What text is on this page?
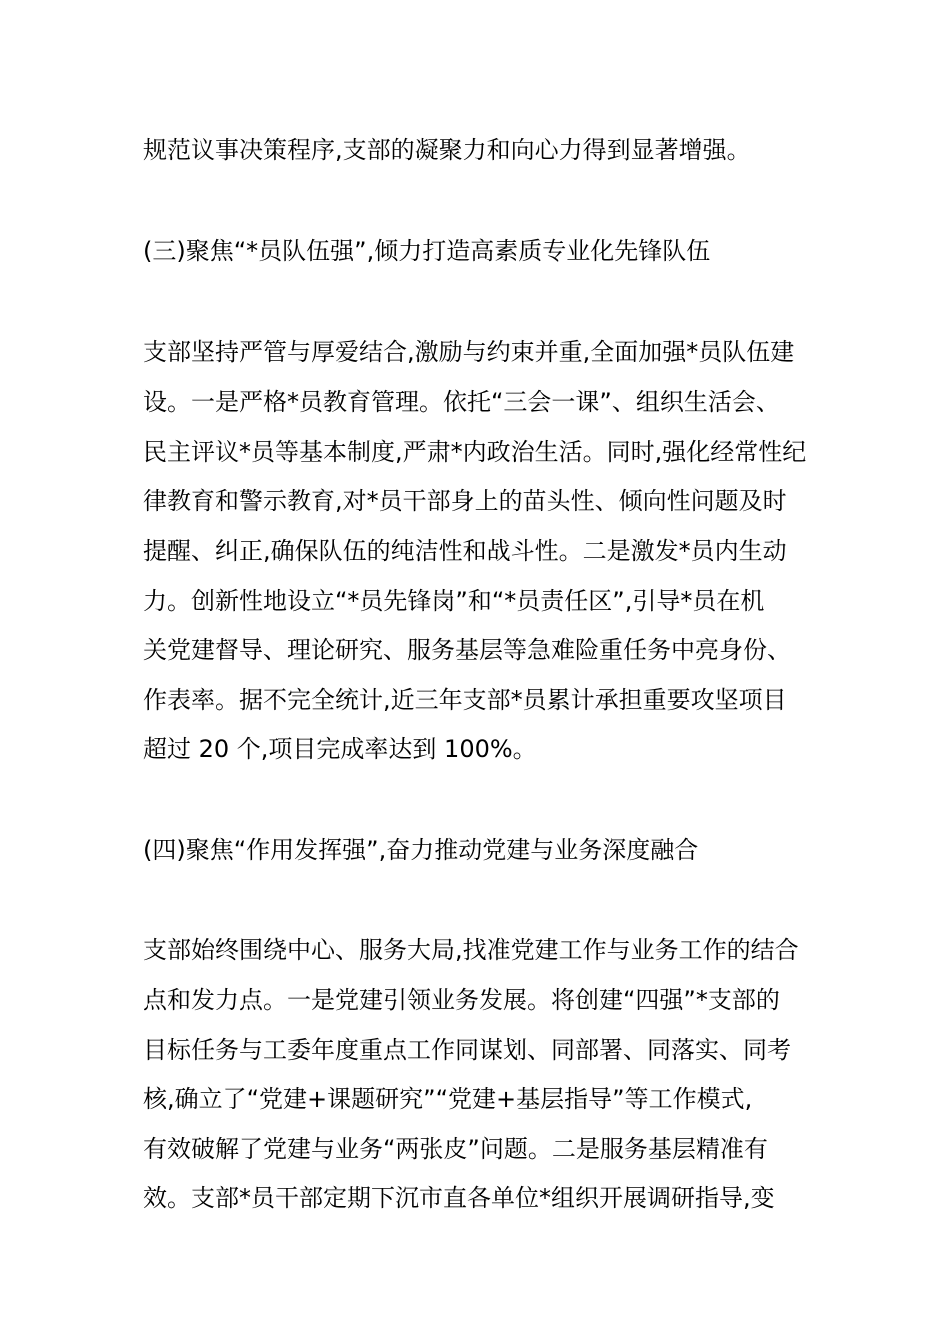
规范议事决策程序,支部的凝聚力和向心力得到显著增强。
(三)聚焦“*员队伍强”,倾力打造高素质专业化先锋队伍
支部坚持严管与厚爱结合,激励与约束并重,全面加强*员队伍建
设。一是严格*员教育管理。依托“三会一课”、组织生活会、
民主评议*员等基本制度,严肃*内政治生活。同时,强化经常性纪
律教育和警示教育,对*员干部身上的苗头性、倾向性问题及时
提醒、纠正,确保队伍的纯洁性和战斗性。二是激发*员内生动
力。创新性地设立“*员先锋岗”和“*员责任区”,引导*员在机
关党建督导、理论研究、服务基层等急难险重任务中亮身份、
作表率。据不完全统计,近三年支部*员累计承担重要攻坚项目
超过 20 个,项目完成率达到 100%。
(四)聚焦“作用发挥强”,奋力推动党建与业务深度融合
支部始终围绕中心、服务大局,找准党建工作与业务工作的结合
点和发力点。一是党建引领业务发展。将创建“四强”*支部的
目标任务与工委年度重点工作同谋划、同部署、同落实、同考
核,确立了“党建+课题研究”“党建+基层指导”等工作模式,
有效破解了党建与业务“两张皮”问题。二是服务基层精准有
效。支部*员干部定期下沉市直各单位*组织开展调研指导,变
